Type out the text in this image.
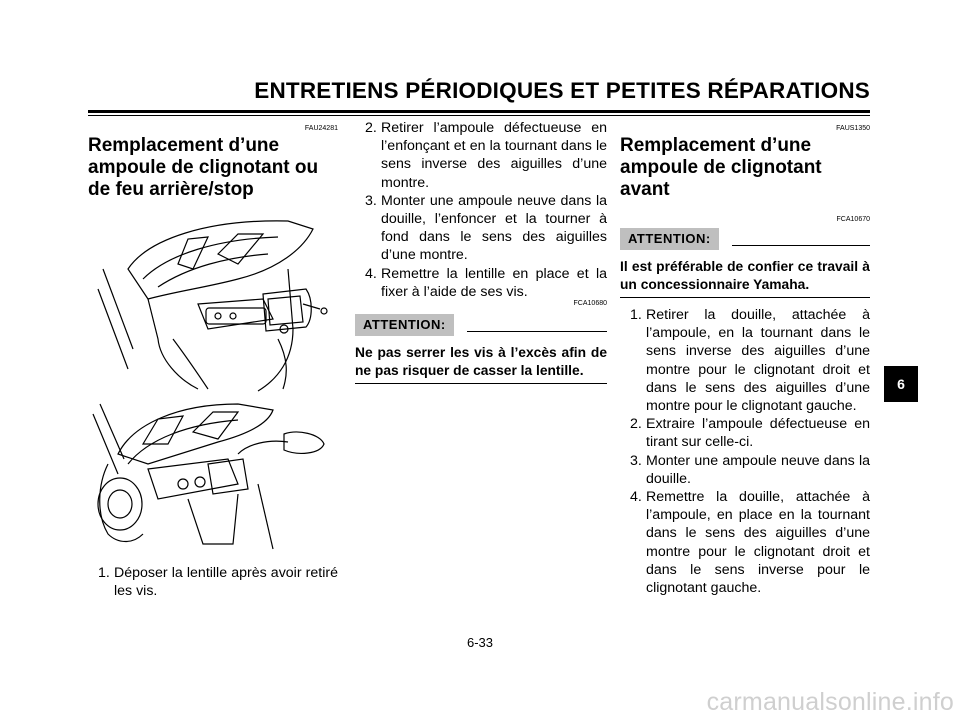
ENTRETIENS PÉRIODIQUES ET PETITES RÉPARATIONS
FAU24281
Remplacement d’une ampoule de clignotant ou de feu arrière/stop
1. Déposer la lentille après avoir retiré les vis.
2. Retirer l’ampoule défectueuse en l’enfonçant et en la tournant dans le sens inverse des aiguilles d’une montre.
3. Monter une ampoule neuve dans la douille, l’enfoncer et la tourner à fond dans le sens des aiguilles d’une montre.
4. Remettre la lentille en place et la fixer à l’aide de ses vis.
FCA10680
ATTENTION:
Ne pas serrer les vis à l’excès afin de ne pas risquer de casser la lentille.
FAUS1350
Remplacement d’une ampoule de clignotant avant
FCA10670
ATTENTION:
Il est préférable de confier ce travail à un concessionnaire Yamaha.
1. Retirer la douille, attachée à l’ampoule, en la tournant dans le sens inverse des aiguilles d’une montre pour le clignotant droit et dans le sens des aiguilles d’une montre pour le clignotant gauche.
2. Extraire l’ampoule défectueuse en tirant sur celle-ci.
3. Monter une ampoule neuve dans la douille.
4. Remettre la douille, attachée à l’ampoule, en place en la tournant dans le sens des aiguilles d’une montre pour le clignotant droit et dans le sens inverse pour le clignotant gauche.
6
6-33
carmanualsonline.info
